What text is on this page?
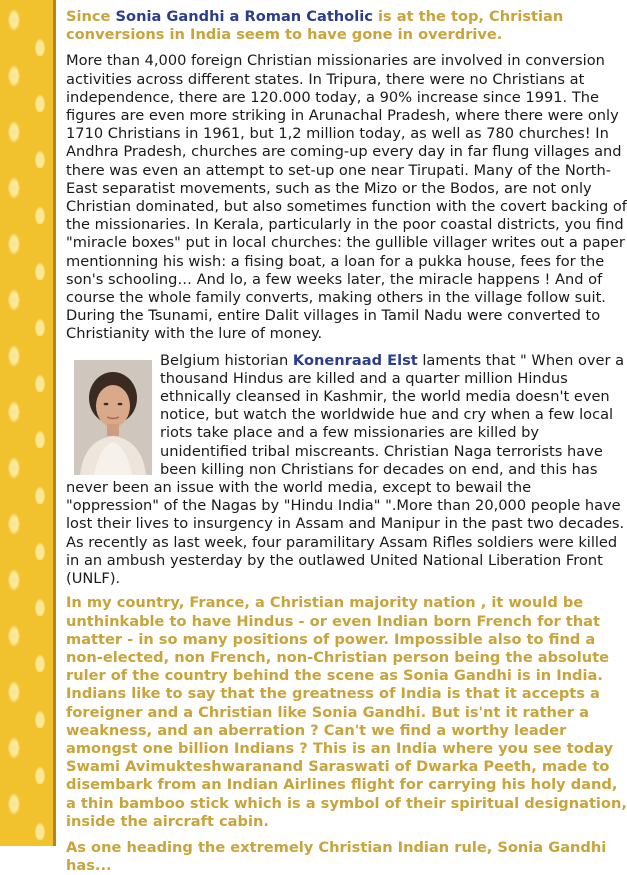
Since Sonia Gandhi a Roman Catholic is at the top, Christian conversions in India seem to have gone in overdrive.

More than 4,000 foreign Christian missionaries are involved in conversion activities across different states. In Tripura, there were no Christians at independence, there are 120.000 today, a 90% increase since 1991. The figures are even more striking in Arunachal Pradesh, where there were only 1710 Christians in 1961, but 1,2 million today, as well as 780 churches! In Andhra Pradesh, churches are coming-up every day in far flung villages and there was even an attempt to set-up one near Tirupati. Many of the North-East separatist movements, such as the Mizo or the Bodos, are not only Christian dominated, but also sometimes function with the covert backing of the missionaries. In Kerala, particularly in the poor coastal districts, you find "miracle boxes" put in local churches: the gullible villager writes out a paper mentionning his wish: a fising boat, a loan for a pukka house, fees for the son's schooling… And lo, a few weeks later, the miracle happens ! And of course the whole family converts, making others in the village follow suit. During the Tsunami, entire Dalit villages in Tamil Nadu were converted to Christianity with the lure of money.

Belgium historian Konenraad Elst laments that " When over a thousand Hindus are killed and a quarter million Hindus ethnically cleansed in Kashmir, the world media doesn't even notice, but watch the worldwide hue and cry when a few local riots take place and a few missionaries are killed by unidentified tribal miscreants. Christian Naga terrorists have been killing non Christians for decades on end, and this has never been an issue with the world media, except to bewail the "oppression" of the Nagas by "Hindu India" ".More than 20,000 people have lost their lives to insurgency in Assam and Manipur in the past two decades. As recently as last week, four paramilitary Assam Rifles soldiers were killed in an ambush yesterday by the outlawed United National Liberation Front (UNLF).

In my country, France, a Christian majority nation , it would be unthinkable to have Hindus - or even Indian born French for that matter - in so many positions of power. Impossible also to find a non-elected, non French, non-Christian person being the absolute ruler of the country behind the scene as Sonia Gandhi is in India. Indians like to say that the greatness of India is that it accepts a foreigner and a Christian like Sonia Gandhi. But is'nt it rather a weakness, and an aberration ? Can't we find a worthy leader amongst one billion Indians ? This is an India where you see today Swami Avimukteshwaranand Saraswati of Dwarka Peeth, made to disembark from an Indian Airlines flight for carrying his holy dand, a thin bamboo stick which is a symbol of their spiritual designation, inside the aircraft cabin.

As one heading the extremely Christian Indian rule, Sonia Gandhi has...
